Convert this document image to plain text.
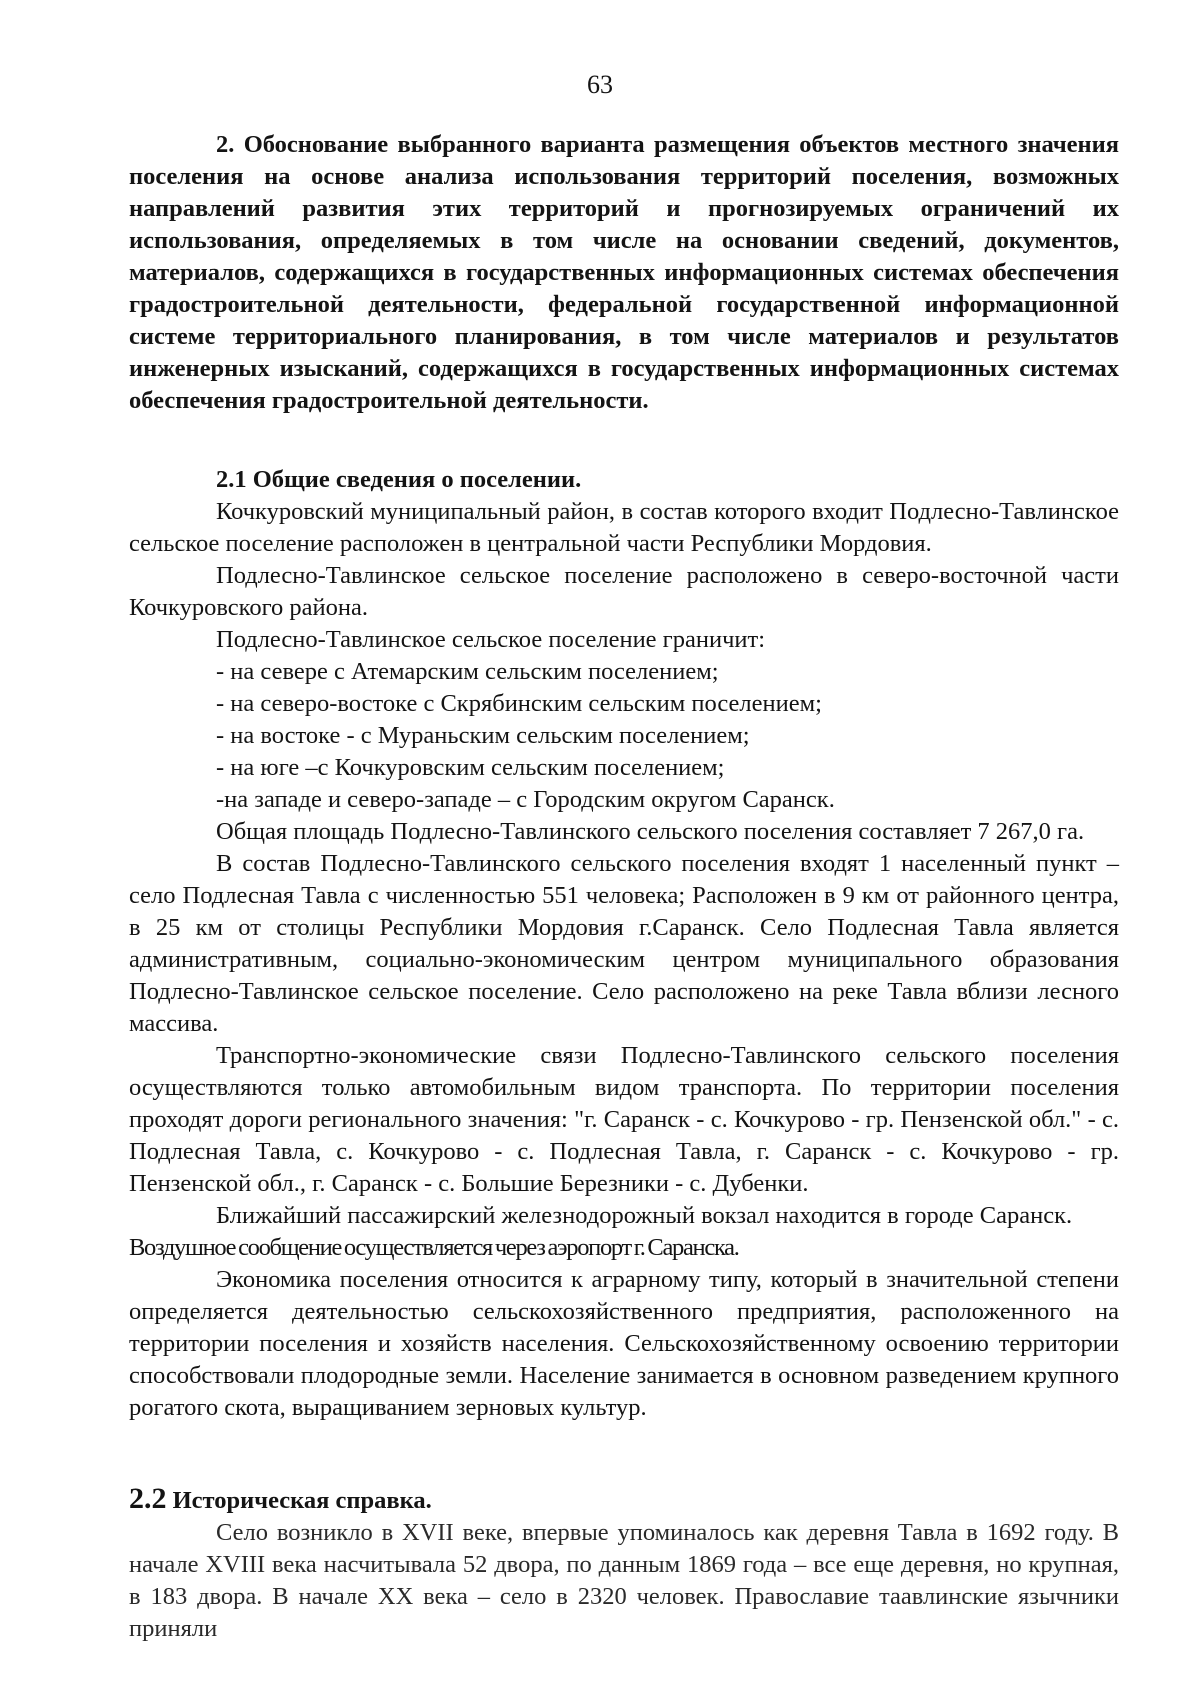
63

2. Обоснование выбранного варианта размещения объектов местного значения поселения на основе анализа использования территорий поселения, возможных направлений развития этих территорий и прогнозируемых ограничений их использования, определяемых в том числе на основании сведений, документов, материалов, содержащихся в государственных информационных системах обеспечения градостроительной деятельности, федеральной государственной информационной системе территориального планирования, в том числе материалов и результатов инженерных изысканий, содержащихся в государственных информационных системах обеспечения градостроительной деятельности.

2.1 Общие сведения о поселении.

Кочкуровский муниципальный район, в состав которого входит Подлесно-Тавлинское сельское поселение расположен в центральной части Республики Мордовия.

Подлесно-Тавлинское сельское поселение расположено в северо-восточной части Кочкуровского района.

Подлесно-Тавлинское сельское поселение граничит:

- на севере с Атемарским сельским поселением;

- на северо-востоке с Скрябинским сельским поселением;

- на востоке - с Мураньским сельским поселением;

- на юге –с Кочкуровским сельским поселением;

-на западе и северо-западе – с Городским округом Саранск.

Общая площадь Подлесно-Тавлинского сельского поселения составляет 7 267,0 га.

В состав Подлесно-Тавлинского сельского поселения входят 1 населенный пункт – село Подлесная Тавла с численностью 551 человека; Расположен в 9 км от районного центра, в 25 км от столицы Республики Мордовия г.Саранск. Село Подлесная Тавла является административным, социально-экономическим центром муниципального образования Подлесно-Тавлинское сельское поселение. Село расположено на реке Тавла вблизи лесного массива.

Транспортно-экономические связи Подлесно-Тавлинского сельского поселения осуществляются только автомобильным видом транспорта. По территории поселения проходят дороги регионального значения: "г. Саранск - с. Кочкурово - гр. Пензенской обл." - с. Подлесная Тавла, с. Кочкурово - с. Подлесная Тавла, г. Саранск - с. Кочкурово - гр. Пензенской обл., г. Саранск - с. Большие Березники - с. Дубенки.

Ближайший пассажирский железнодорожный вокзал находится в городе Саранск.

Воздушное сообщение осуществляется через аэропорт г. Саранска.

Экономика поселения относится к аграрному типу, который в значительной степени определяется деятельностью сельскохозяйственного предприятия, расположенного на территории поселения и хозяйств населения. Сельскохозяйственному освоению территории способствовали плодородные земли. Население занимается в основном разведением крупного рогатого скота, выращиванием зерновых культур.

2.2 Историческая справка.

Село возникло в XVII веке, впервые упоминалось как деревня Тавла в 1692 году. В начале XVIII века насчитывала 52 двора, по данным 1869 года – все еще деревня, но крупная, в 183 двора. В начале XX века – село в 2320 человек. Православие таавлинские язычники приняли
